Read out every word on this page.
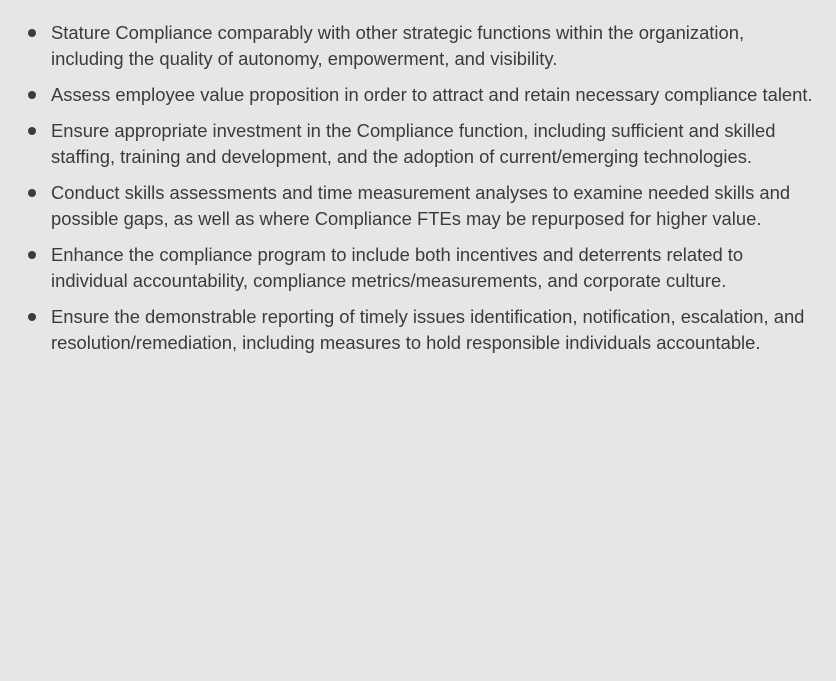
Stature Compliance comparably with other strategic functions within the organization, including the quality of autonomy, empowerment, and visibility.
Assess employee value proposition in order to attract and retain necessary compliance talent.
Ensure appropriate investment in the Compliance function, including sufficient and skilled staffing, training and development, and the adoption of current/emerging technologies.
Conduct skills assessments and time measurement analyses to examine needed skills and possible gaps, as well as where Compliance FTEs may be repurposed for higher value.
Enhance the compliance program to include both incentives and deterrents related to individual accountability, compliance metrics/measurements, and corporate culture.
Ensure the demonstrable reporting of timely issues identification, notification, escalation, and resolution/remediation, including measures to hold responsible individuals accountable.
